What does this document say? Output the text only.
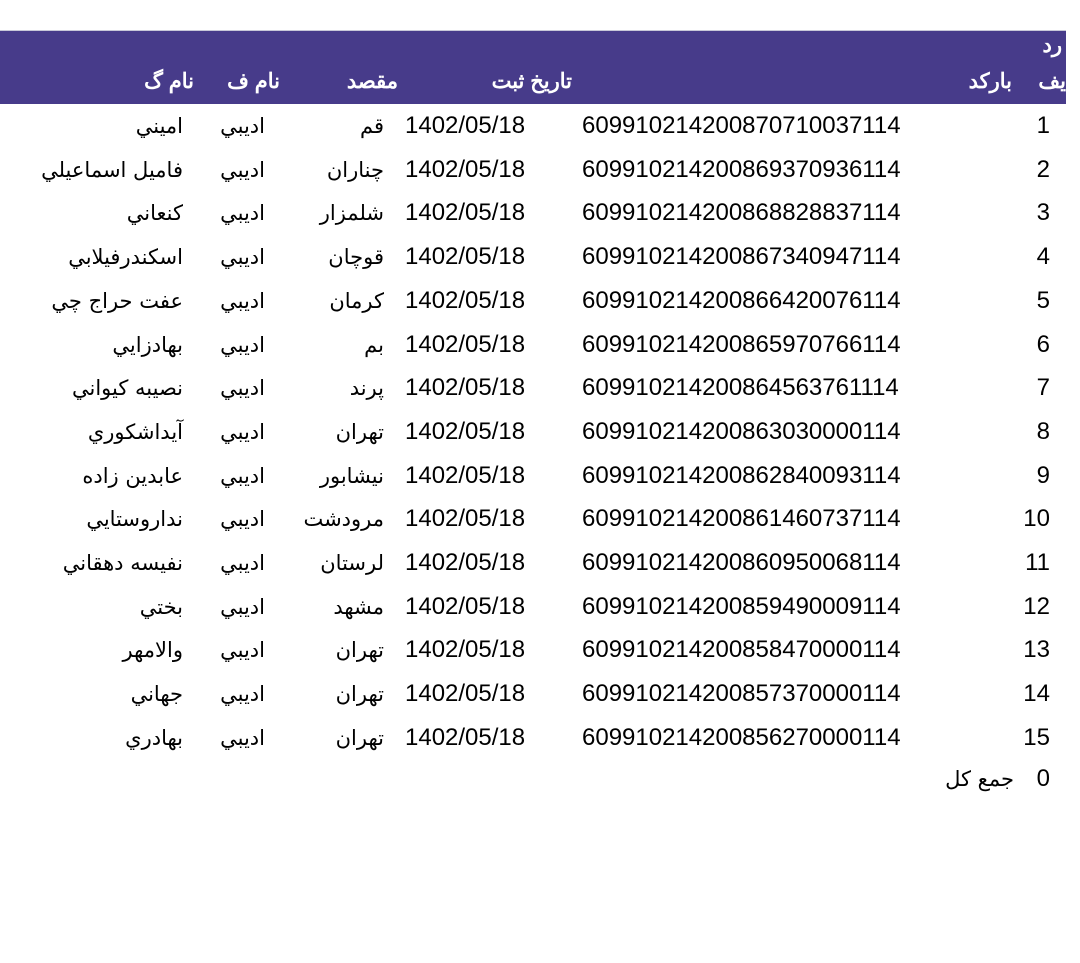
رد
يف
باركد
تاريخ ثبت
مقصد
نام ف
نام گ
1
609910214200870710037114
1402/05/18
قم
اديبي
اميني
2
609910214200869370936114
1402/05/18
چناران
اديبي
فاميل اسماعيلي
3
609910214200868828837114
1402/05/18
شلمزار
اديبي
كنعاني
4
609910214200867340947114
1402/05/18
قوچان
اديبي
اسكندرفيلابي
5
609910214200866420076114
1402/05/18
كرمان
اديبي
عفت حراج چي
6
609910214200865970766114
1402/05/18
بم
اديبي
بهادزايي
7
609910214200864563761114
1402/05/18
پرند
اديبي
نصيبه كيواني
8
609910214200863030000114
1402/05/18
تهران
اديبي
آيداشكوري
9
609910214200862840093114
1402/05/18
نيشابور
اديبي
عابدين زاده
10
609910214200861460737114
1402/05/18
مرودشت
اديبي
نداروستايي
11
609910214200860950068114
1402/05/18
لرستان
اديبي
نفيسه دهقاني
12
609910214200859490009114
1402/05/18
مشهد
اديبي
بختي
13
609910214200858470000114
1402/05/18
تهران
اديبي
والامهر
14
609910214200857370000114
1402/05/18
تهران
اديبي
جهاني
15
609910214200856270000114
1402/05/18
تهران
اديبي
بهادري
0
جمع كل
